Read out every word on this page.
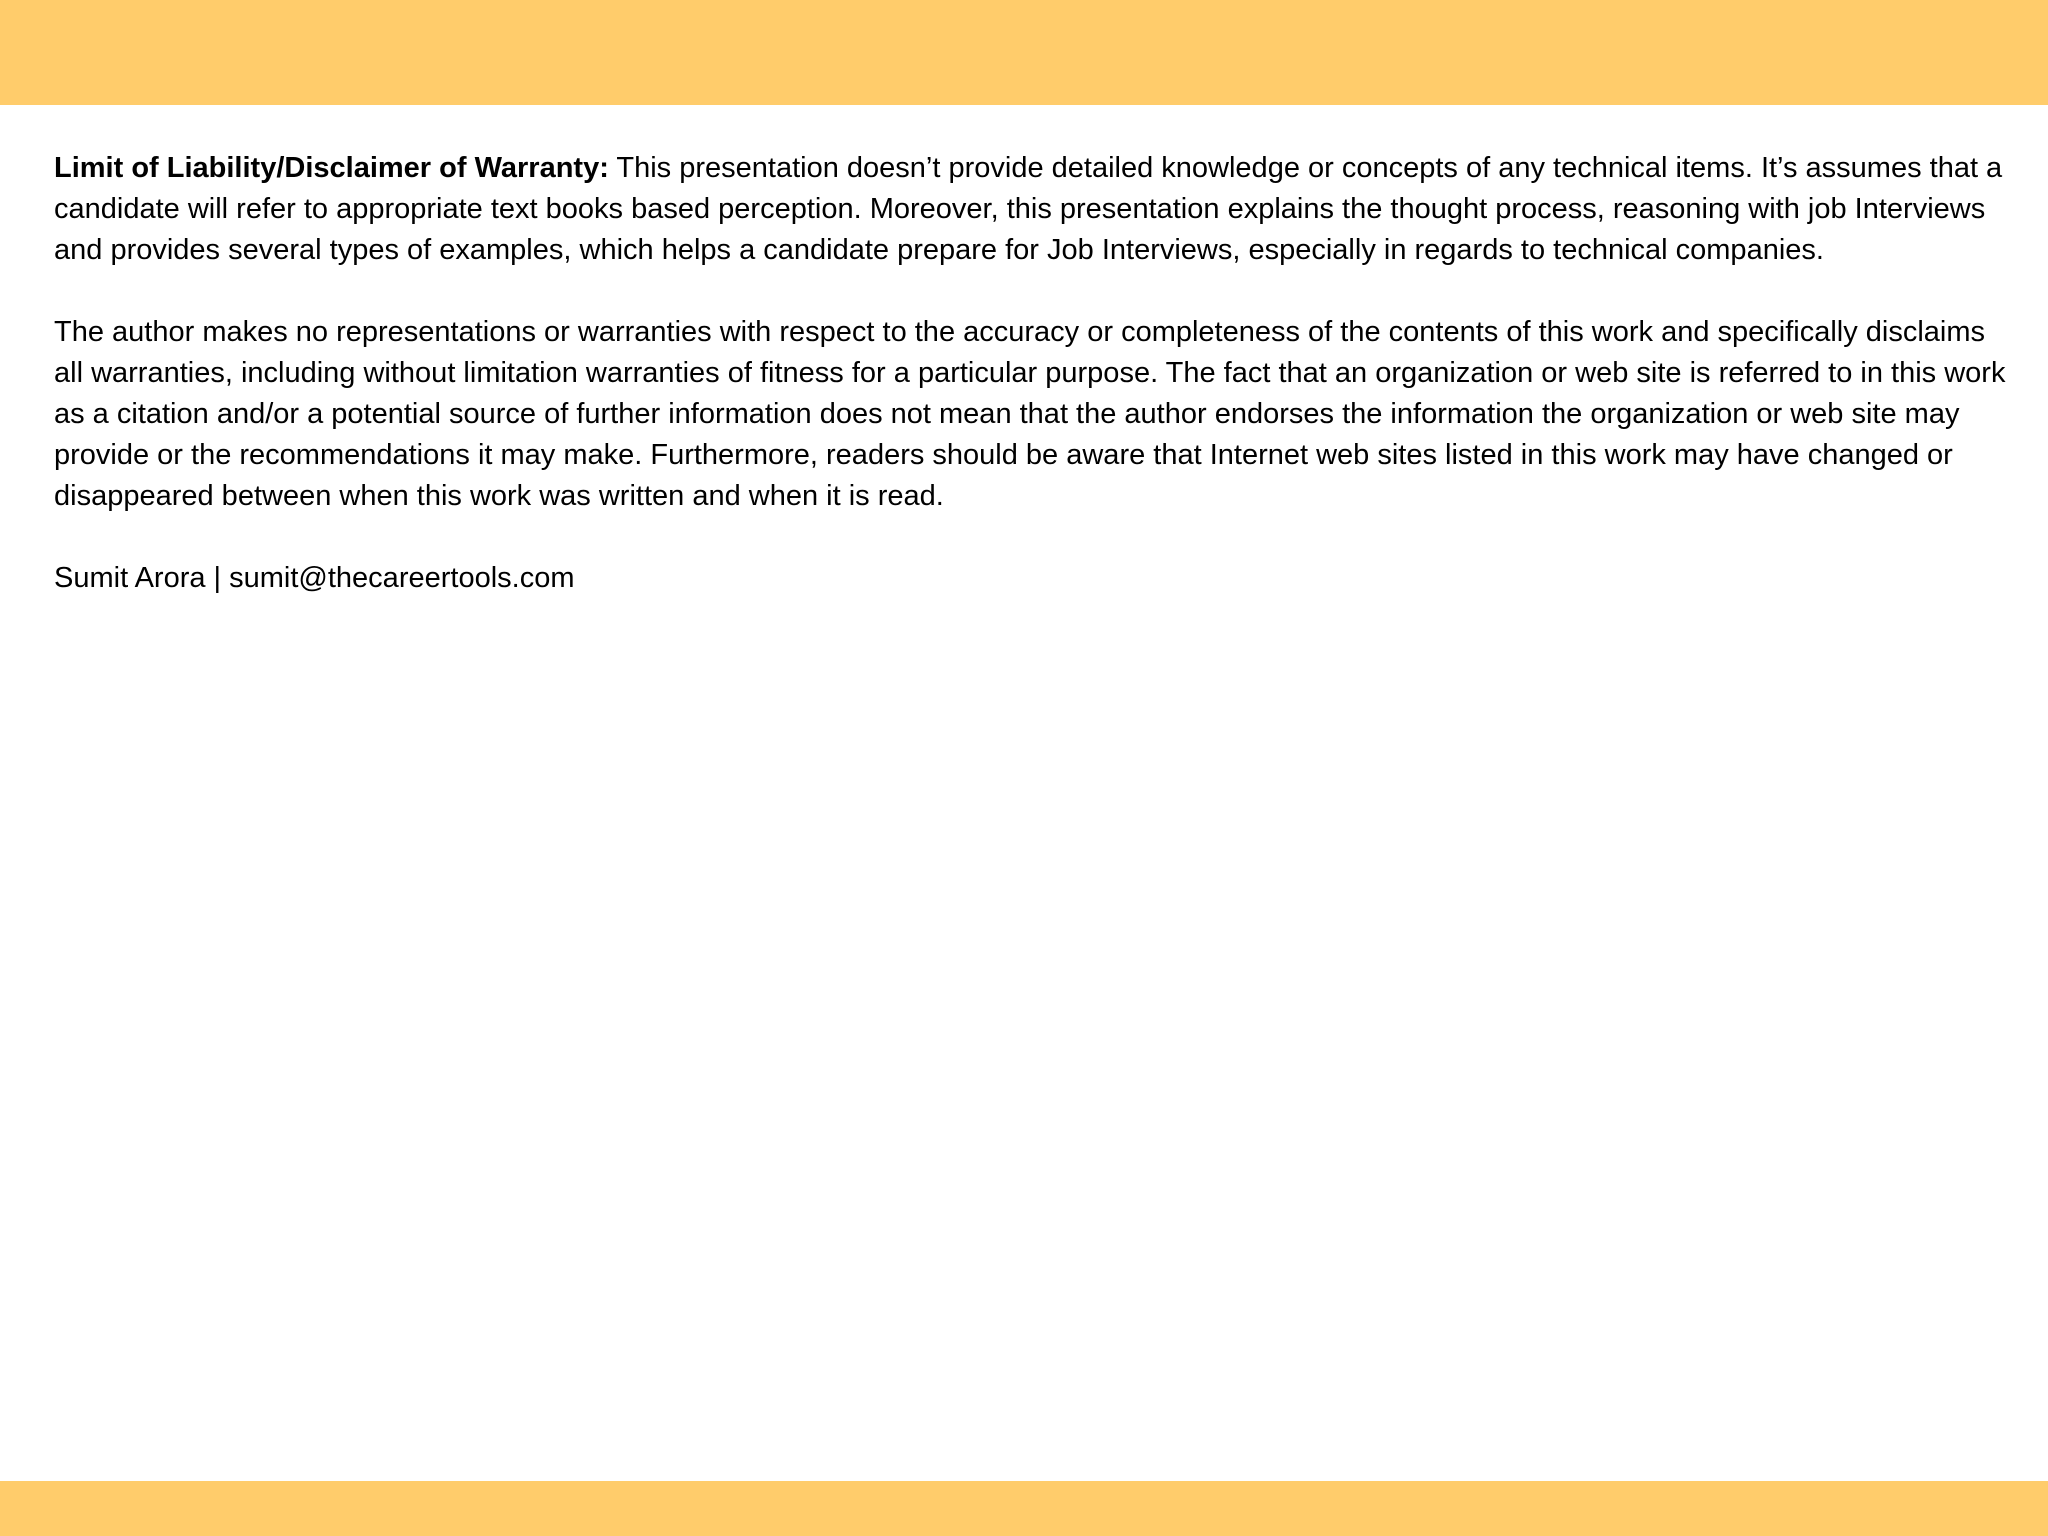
Limit of Liability/Disclaimer of Warranty: This presentation doesn’t provide detailed knowledge or concepts of any technical items. It’s assumes that a candidate will refer to appropriate text books based perception. Moreover, this presentation explains the thought process, reasoning with job Interviews and provides several types of examples, which helps a candidate prepare for Job Interviews, especially in regards to technical companies.

The author makes no representations or warranties with respect to the accuracy or completeness of the contents of this work and specifically disclaims all warranties, including without limitation warranties of fitness for a particular purpose. The fact that an organization or web site is referred to in this work as a citation and/or a potential source of further information does not mean that the author endorses the information the organization or web site may provide or the recommendations it may make. Furthermore, readers should be aware that Internet web sites listed in this work may have changed or disappeared between when this work was written and when it is read.

Sumit Arora | sumit@thecareertools.com
